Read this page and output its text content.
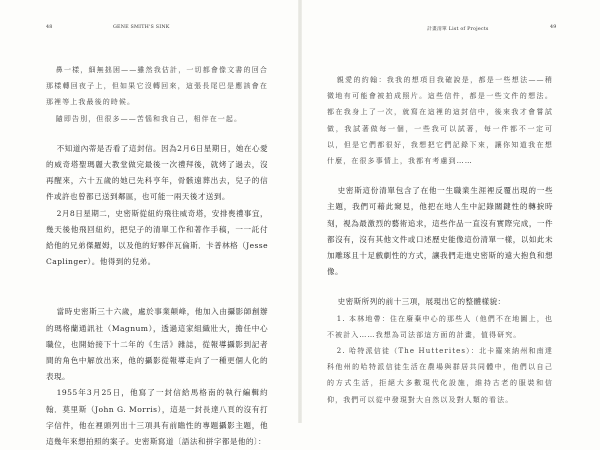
48	GENE SMITH'S SINK

鼻一樣，細無拙困——雖然我估計，一切都會像文書的回合那樣轉回夜子上，但如果它沒轉回來，這張長尾巴是應該會在那裡等上我最後的時候。

隨即告別，但很多——苦惱和我自己，相伴在一起。

不知道內蒂是否看了這封信。因為2月6日星期日，她在心愛的威奇塔聖瑪麗大教堂做完最後一次禮拜後，就烤了過去，沒再醒來，六十五歲的她已先科亨年，骨骸遠葬出去，兒子的信件或許也曾都已送到鄰區，也可能一兩天後才送到。

2月8日星期二，史密斯從紐約飛往威奇塔，安排喪禮事宜，幾天後他飛回紐約，把兒子的清單工作和著作手稿，一一託付給他的兄弟傑羅姆，以及他的好夥伴瓦倫斯．卡普林格（Jesse Caplinger）。他得到的兒弟。

當時史密斯三十六歲，處於事業顛峰，他加入由攝影師創辦的瑪格蘭通訊社（Magnum），透過這家組織壯大，擔任中心職位，也開始接下十二年的《生活》雜誌，從報導攝影到記者間的角色中解放出來，他的攝影從報導走向了一種更個人化的表現。

1955年3月25日，他寫了一封信給馬格南的執行編輯約翰．莫里斯（John G. Morris），這是一封長達八頁的沒有打字信件，他在裡頭列出十三項具有前瞻性的專題攝影主題，他這幾年來想拍照的案子。史密斯寫道〔語法和拼字都是他的〕：

計畫清單 List of Projects	49

親愛的約翰：我我的想項目我確說是，都是一些想法——稍微地有可能會被拍成照片。這些信件，都是一些文件的想法。都在我身上了一次，就寫在這裡的這封信中，後來我才會嘗試做，我試著做每一個，一些我可以試著，每一件都不一定可以，但是它們都很好，我想把它們記錄下來，讓你知道我在想什麼，在很多事情上，我都有考慮到……

史密斯這份清單包含了在他一生職業生涯裡反覆出現的一些主題，我們可藉此窺見，他把在地人生中記錄關鍵性的轉捩時刻，視為最激烈的藝術追求，這些作品一直沒有實際完成，一件都沒有，沒有其他文件或口述歷史能像這份清單一樣，以如此未加雕琢且十足戲劇性的方式，讓我們走進史密斯的遠大抱負和想像。

史密斯所列的前十三項，展現出它的整體樣貌：

1. 本林地帶：住在廢棄中心的那些人（他們不在地圖上，也不被計入……我想為司法部這方面的計畫，值得研究。

2. 哈特派信徒（The Hutterites）：北卡羅來納州和南達科他州的哈特派信徒生活在農場與群居共同體中，他們以自己的方式生活，拒絕大多數現代化設施，維持古老的服裝和信仰，我們可以從中發現對大自然以及對人類的看法。
